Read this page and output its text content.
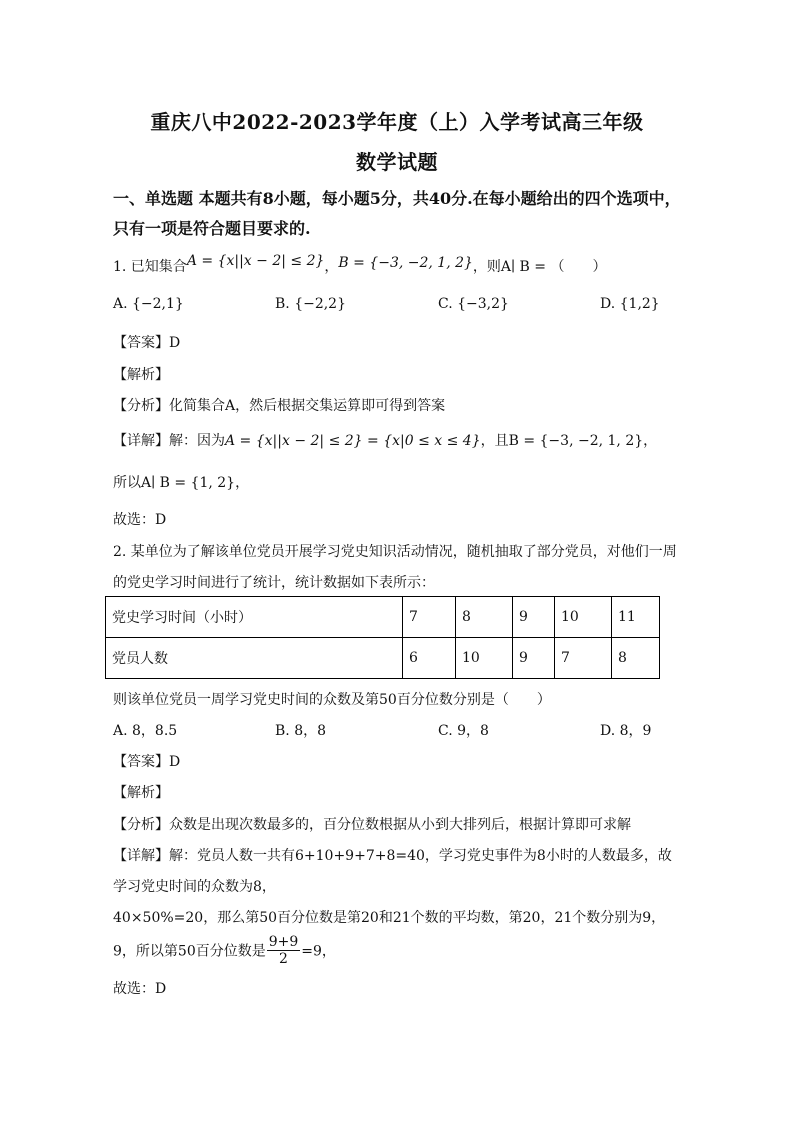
重庆八中2022-2023学年度（上）入学考试高三年级
数学试题
一、单选题 本题共有8小题，每小题5分，共40分.在每小题给出的四个选项中，
只有一项是符合题目要求的.
1. 已知集合A = {x||x − 2| ≤ 2}，B = {−3, −2, 1, 2}，则A∣ B = （　　）
A. {−2,1}	B. {−2,2}	C. {−3,2}	D. {1,2}
【答案】D
【解析】
【分析】化简集合A，然后根据交集运算即可得到答案
【详解】解：因为A = {x||x − 2| ≤ 2} = {x|0 ≤ x ≤ 4}，且B = {−3, −2, 1, 2}，
所以A∣ B = {1, 2}，
故选：D
2. 某单位为了解该单位党员开展学习党史知识活动情况，随机抽取了部分党员，对他们一周
的党史学习时间进行了统计，统计数据如下表所示：
党史学习时间（小时）	7	8	9	10	11
党员人数	6	10	9	7	8
则该单位党员一周学习党史时间的众数及第50百分位数分别是（　　）
A. 8，8.5	B. 8，8	C. 9，8	D. 8，9
【答案】D
【解析】
【分析】众数是出现次数最多的，百分位数根据从小到大排列后，根据计算即可求解
【详解】解：党员人数一共有6+10+9+7+8=40，学习党史事件为8小时的人数最多，故
学习党史时间的众数为8，
40×50%=20，那么第50百分位数是第20和21个数的平均数，第20，21个数分别为9，
9，所以第50百分位数是 $\frac{9+9}{2} =9$，
故选：D
